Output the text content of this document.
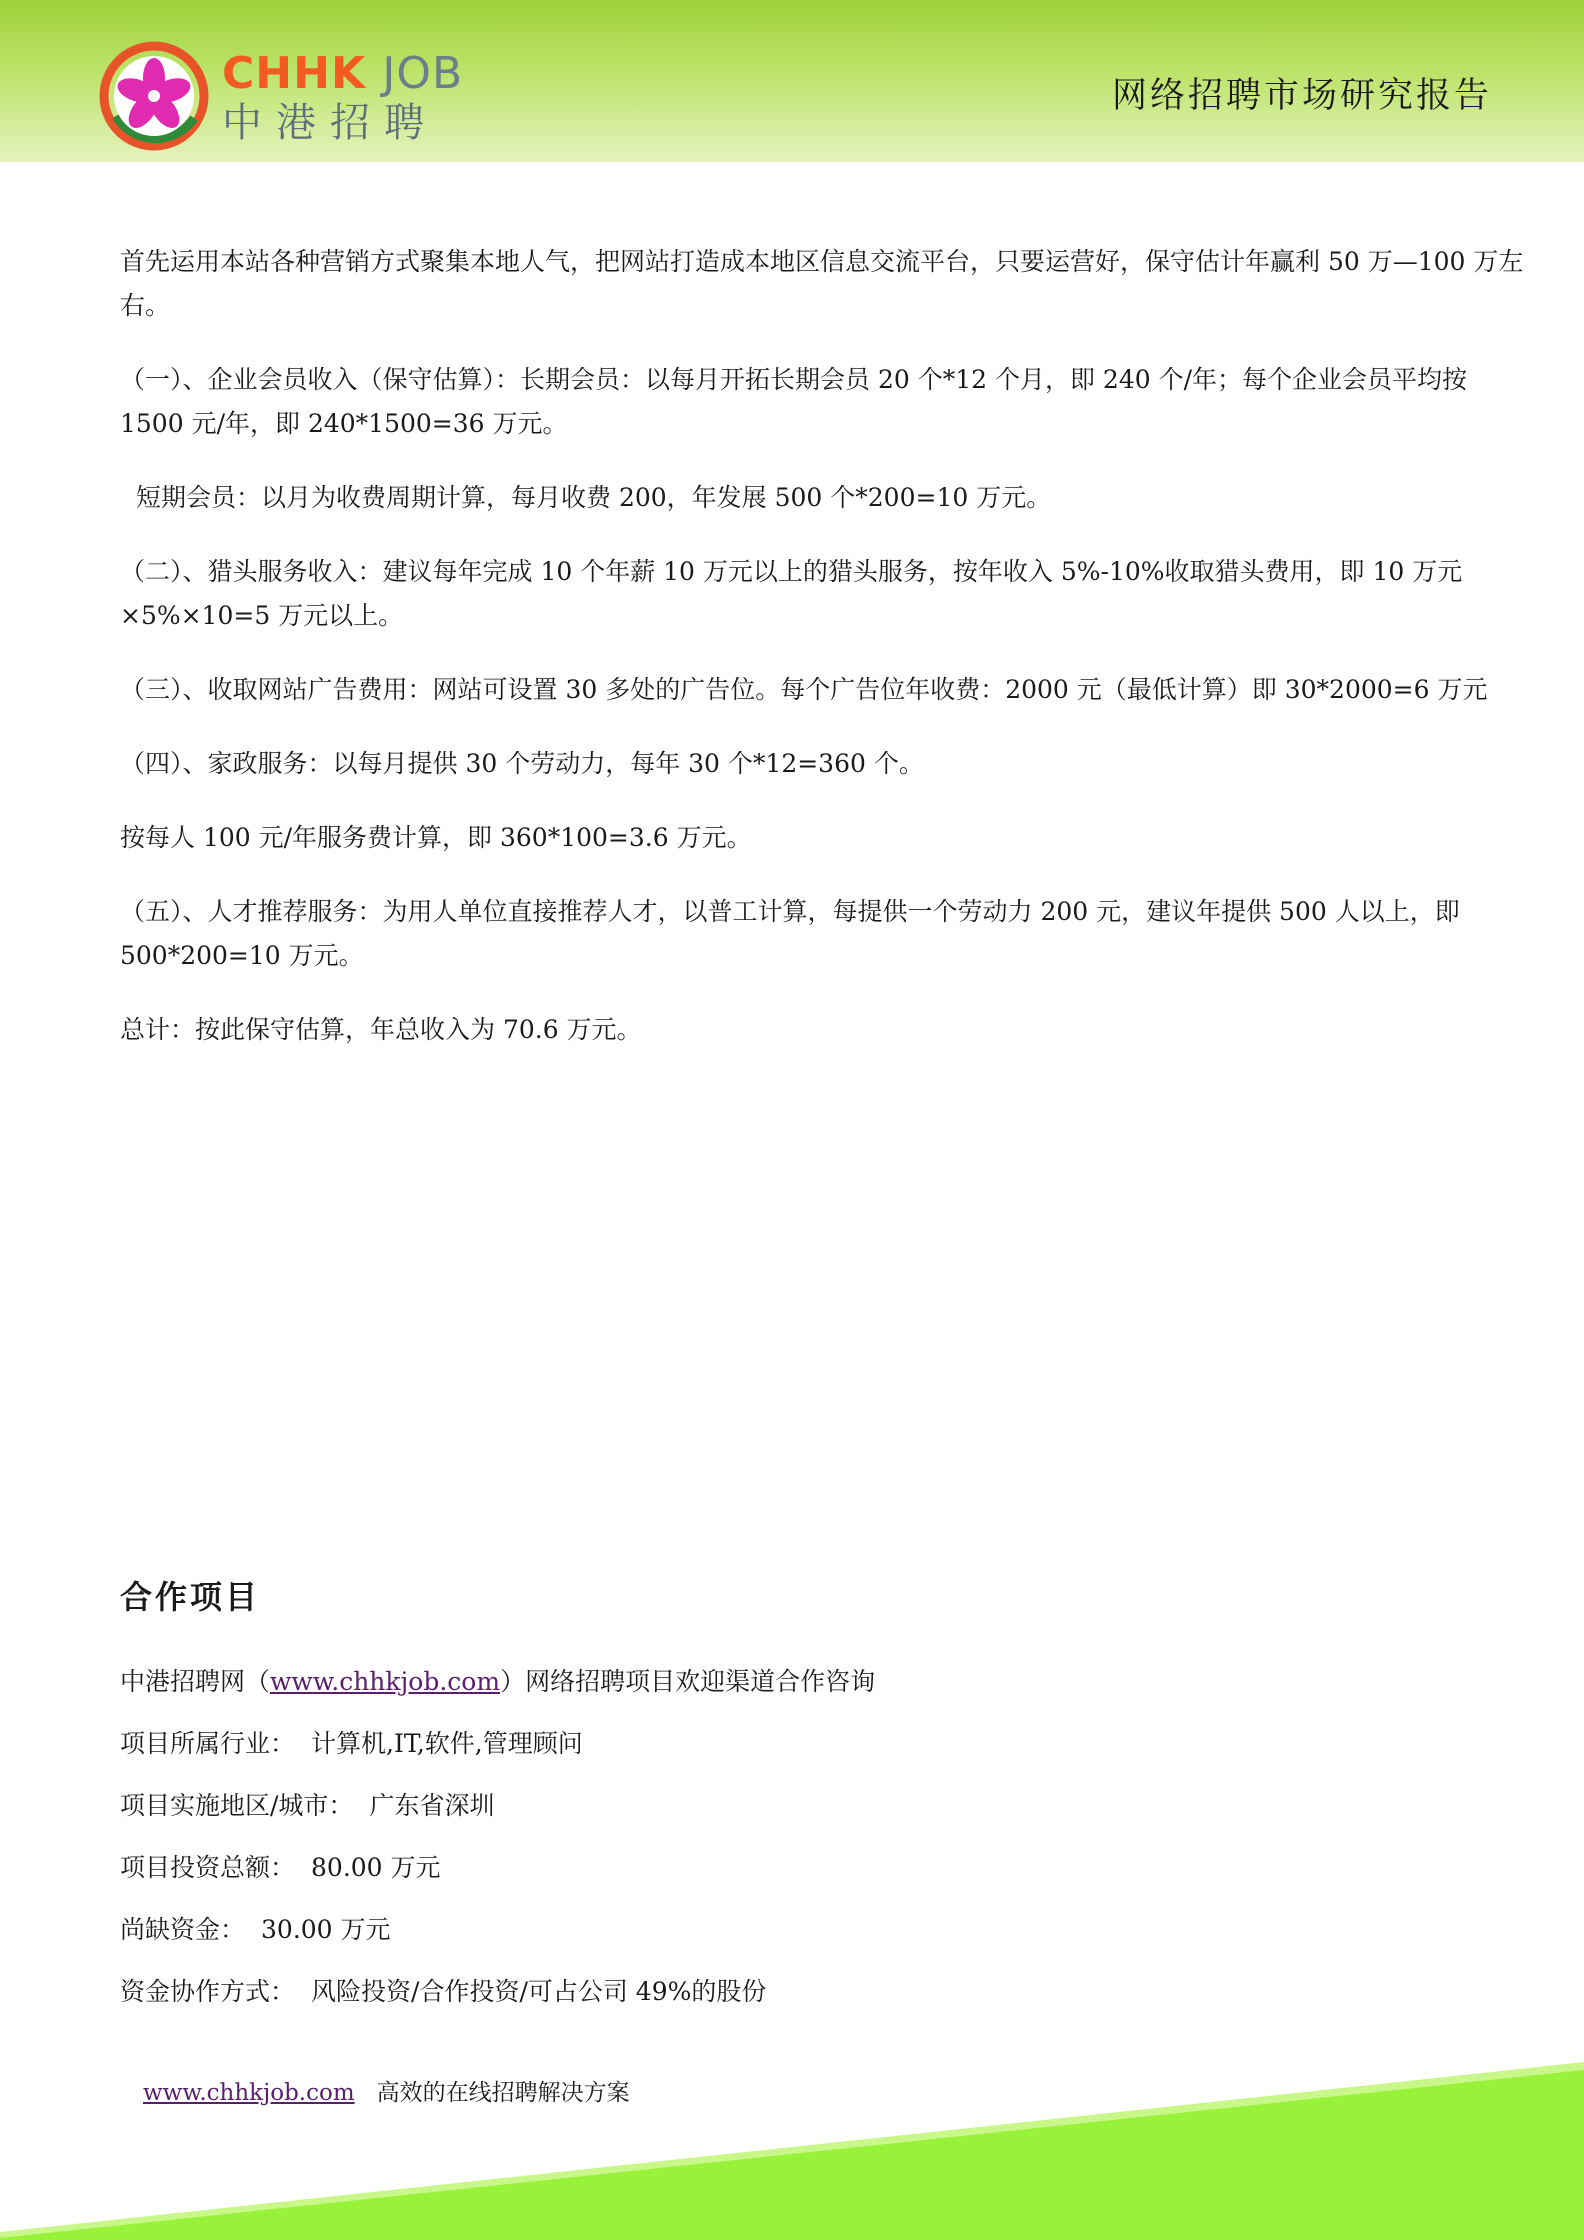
CHHK JOB
中港招聘
网络招聘市场研究报告

首先运用本站各种营销方式聚集本地人气，把网站打造成本地区信息交流平台，只要运营好，保守估计年赢利 50 万—100 万左右。

（一）、企业会员收入（保守估算）：长期会员：以每月开拓长期会员 20 个*12 个月，即 240 个/年；每个企业会员平均按 1500 元/年，即 240*1500=36 万元。

短期会员：以月为收费周期计算，每月收费 200，年发展 500 个*200=10 万元。

（二）、猎头服务收入：建议每年完成 10 个年薪 10 万元以上的猎头服务，按年收入 5%-10%收取猎头费用，即 10 万元×5%×10=5 万元以上。

（三）、收取网站广告费用：网站可设置 30 多处的广告位。每个广告位年收费：2000 元（最低计算）即 30*2000=6 万元

（四）、家政服务：以每月提供 30 个劳动力，每年 30 个*12=360 个。

按每人 100 元/年服务费计算，即 360*100=3.6 万元。

（五）、人才推荐服务：为用人单位直接推荐人才，以普工计算，每提供一个劳动力 200 元，建议年提供 500 人以上，即 500*200=10 万元。

总计：按此保守估算，年总收入为 70.6 万元。

合作项目
中港招聘网（www.chhkjob.com）网络招聘项目欢迎渠道合作咨询
项目所属行业： 计算机,IT,软件,管理顾问
项目实施地区/城市： 广东省深圳
项目投资总额： 80.00 万元
尚缺资金： 30.00 万元
资金协作方式： 风险投资/合作投资/可占公司 49%的股份
www.chhkjob.com 高效的在线招聘解决方案
